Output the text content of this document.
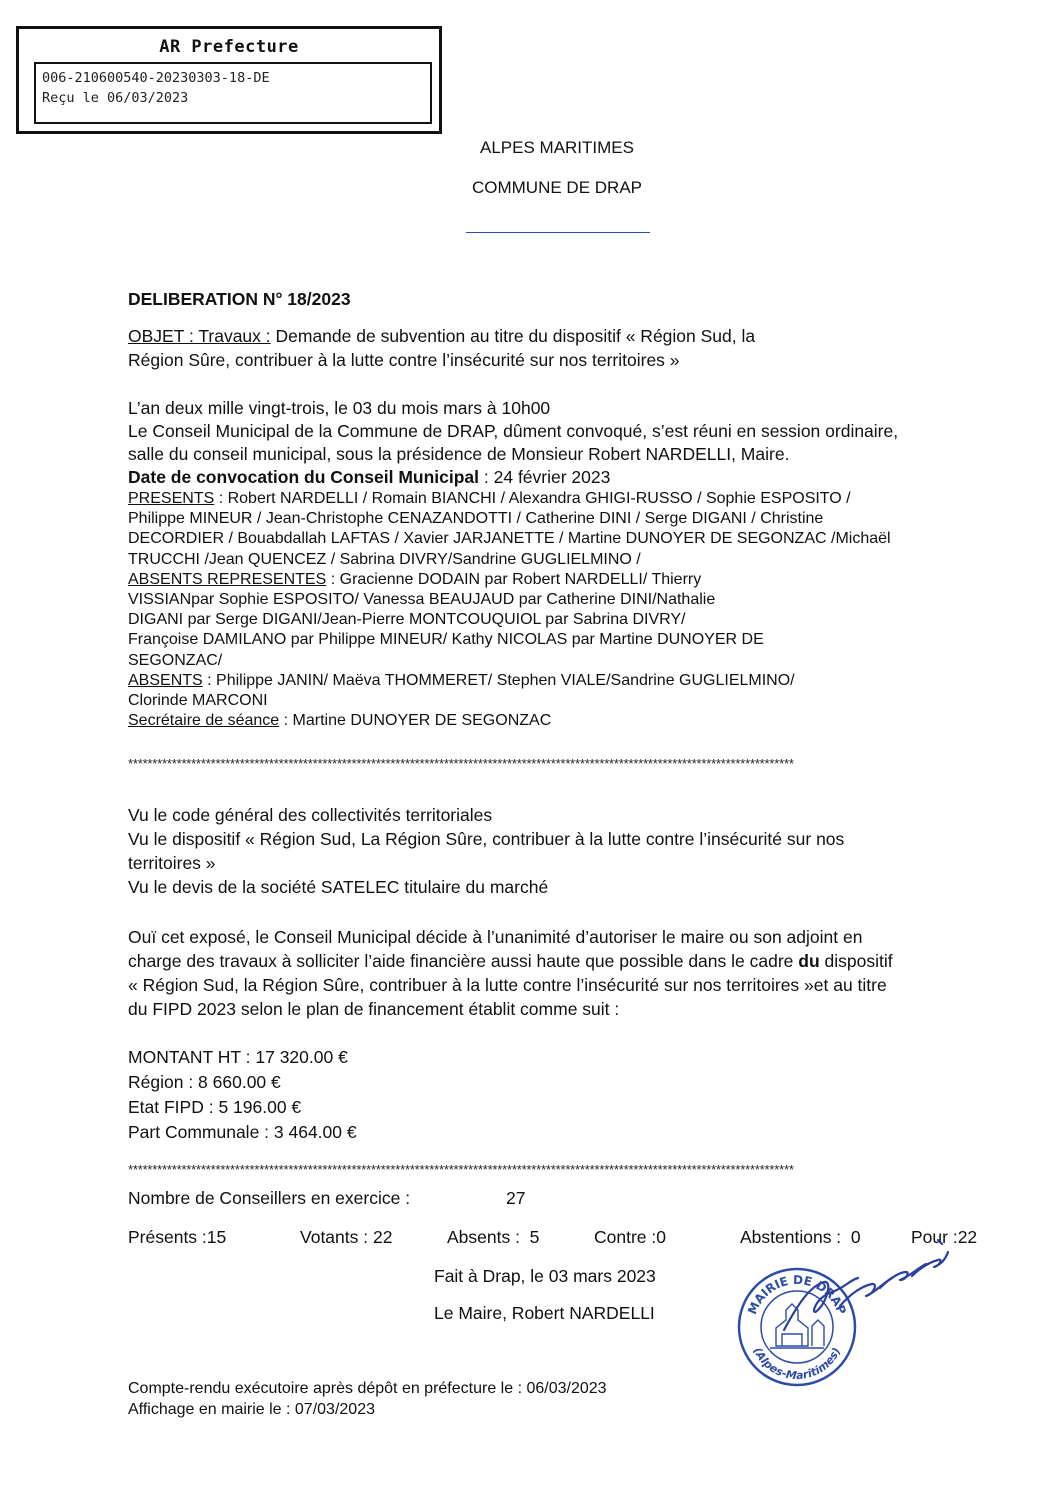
AR Prefecture
006-210600540-20230303-18-DE
Reçu le 06/03/2023
ALPES MARITIMES
COMMUNE DE DRAP
DELIBERATION N° 18/2023
OBJET : Travaux : Demande de subvention au titre du dispositif « Région Sud, la
Région Sûre, contribuer à la lutte contre l’insécurité sur nos territoires »
L’an deux mille vingt-trois, le 03 du mois mars à 10h00
Le Conseil Municipal de la Commune de DRAP, dûment convoqué, s’est réuni en session ordinaire,
salle du conseil municipal, sous la présidence de Monsieur Robert NARDELLI, Maire.
Date de convocation du Conseil Municipal : 24 février 2023
PRESENTS : Robert NARDELLI / Romain BIANCHI / Alexandra GHIGI-RUSSO / Sophie ESPOSITO /
Philippe MINEUR / Jean-Christophe CENAZANDOTTI / Catherine DINI / Serge DIGANI / Christine
DECORDIER / Bouabdallah LAFTAS / Xavier JARJANETTE / Martine DUNOYER DE SEGONZAC /Michaël
TRUCCHI /Jean QUENCEZ / Sabrina DIVRY/Sandrine GUGLIELMINO /
ABSENTS REPRESENTES : Gracienne DODAIN par Robert NARDELLI/ Thierry
VISSIANpar Sophie ESPOSITO/ Vanessa BEAUJAUD par Catherine DINI/Nathalie
DIGANI par Serge DIGANI/Jean-Pierre MONTCOUQUIOL par Sabrina DIVRY/
Françoise DAMILANO par Philippe MINEUR/ Kathy NICOLAS par Martine DUNOYER DE
SEGONZAC/
ABSENTS : Philippe JANIN/ Maëva THOMMERET/ Stephen VIALE/Sandrine GUGLIELMINO/
Clorinde MARCONI
Secrétaire de séance : Martine DUNOYER DE SEGONZAC
*****************************************************************************************************************************************
Vu le code général des collectivités territoriales
Vu le dispositif « Région Sud, La Région Sûre, contribuer à la lutte contre l’insécurité sur nos
territoires »
Vu le devis de la société SATELEC titulaire du marché
Ouï cet exposé, le Conseil Municipal décide à l’unanimité d’autoriser le maire ou son adjoint en
charge des travaux à solliciter l’aide financière aussi haute que possible dans le cadre du dispositif
« Région Sud, la Région Sûre, contribuer à la lutte contre l’insécurité sur nos territoires »et au titre
du FIPD 2023 selon le plan de financement établit comme suit :
MONTANT HT : 17 320.00 €
Région : 8 660.00 €
Etat FIPD : 5 196.00 €
Part Communale : 3 464.00 €
*****************************************************************************************************************************************
Nombre de Conseillers en exercice :	27
Présents :15	Votants : 22	Absents :  5	Contre :0	Abstentions :  0	Pour :22
Fait à Drap, le 03 mars 2023
Le Maire, Robert NARDELLI	MAIRIE DE DRAP
(Alpes-Maritimes)
Compte-rendu exécutoire après dépôt en préfecture le : 06/03/2023
Affichage en mairie le : 07/03/2023
